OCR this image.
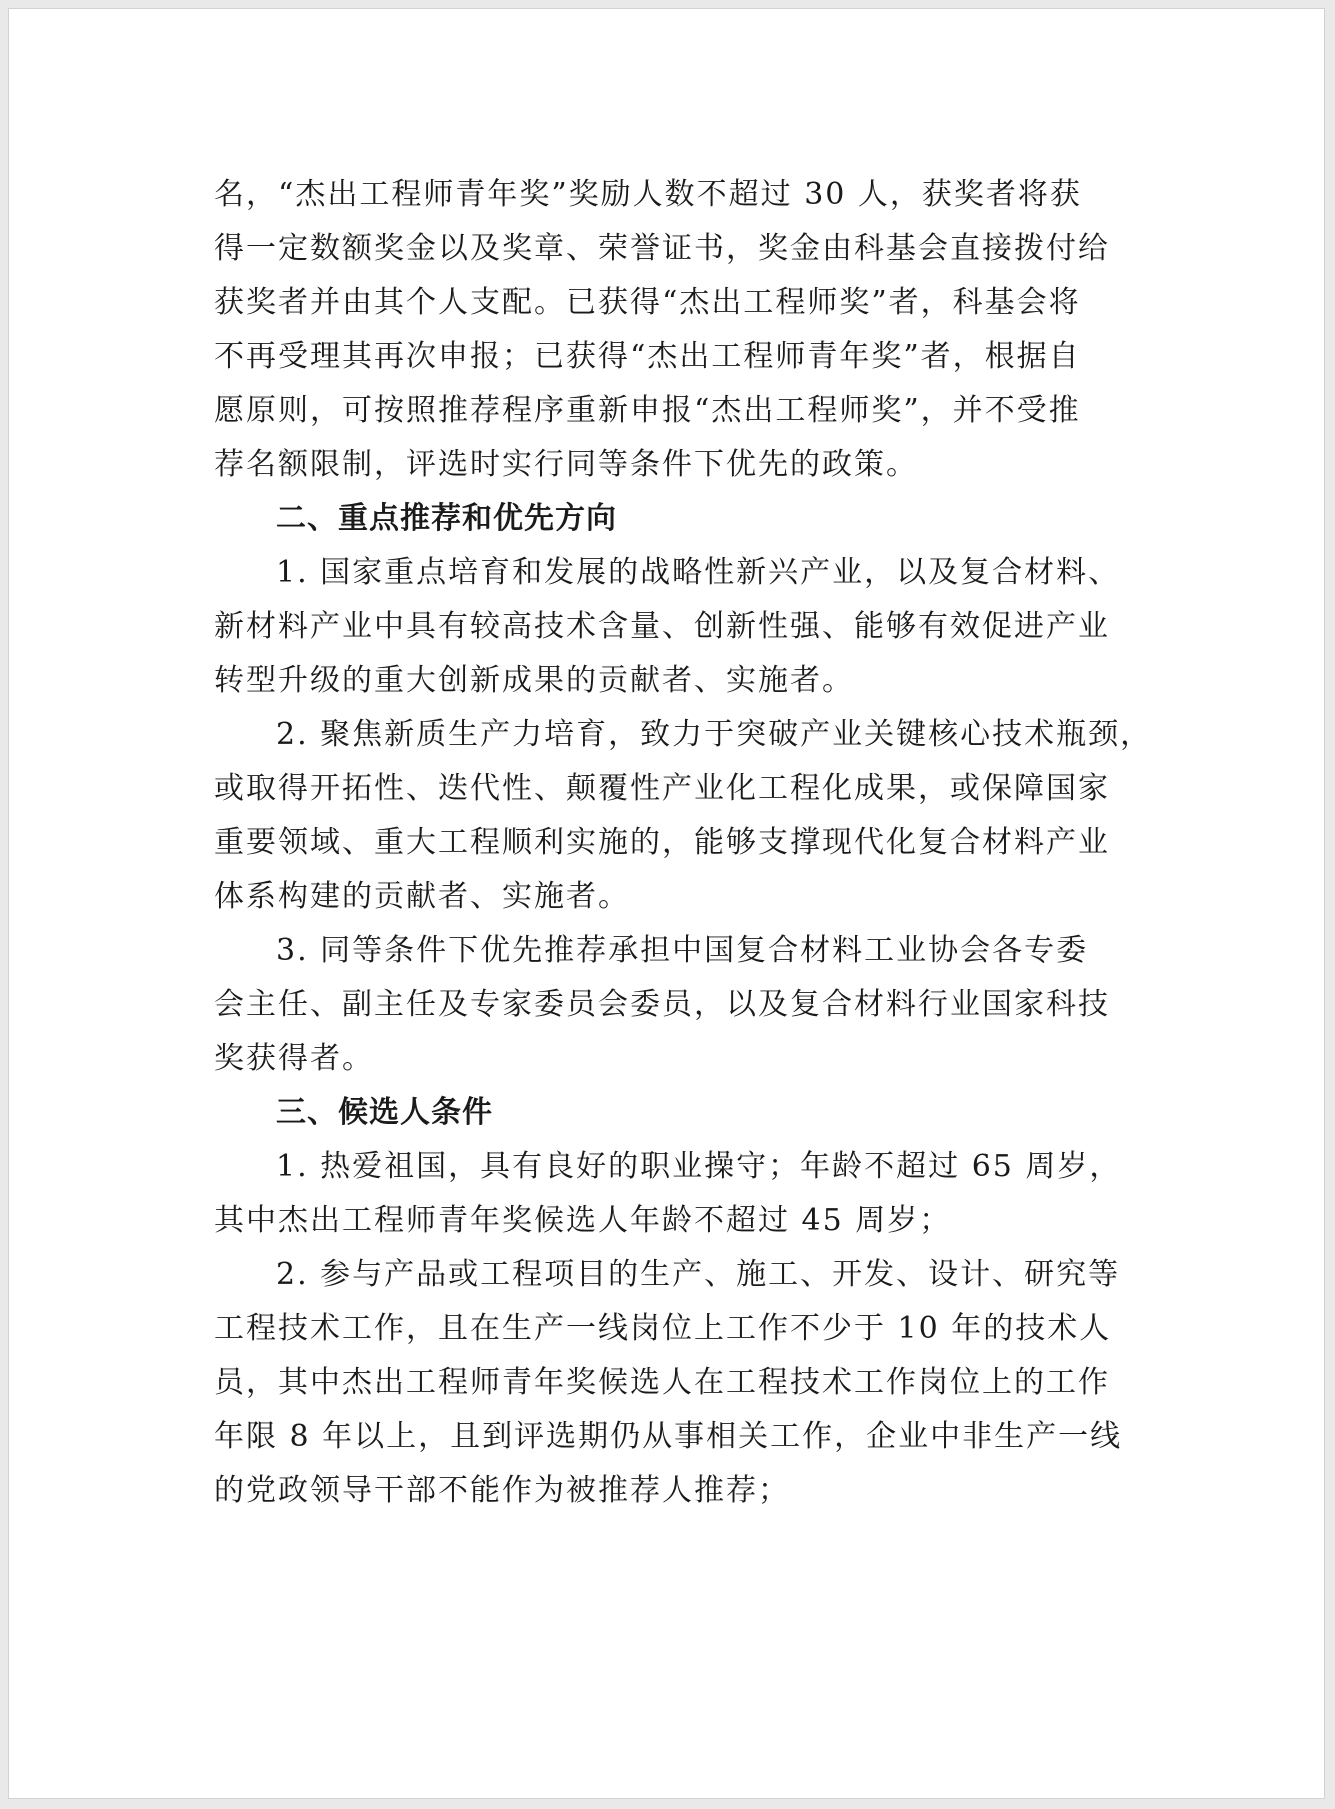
名，“杰出工程师青年奖”奖励人数不超过 30 人，获奖者将获
得一定数额奖金以及奖章、荣誉证书，奖金由科基会直接拨付给
获奖者并由其个人支配。已获得“杰出工程师奖”者，科基会将
不再受理其再次申报；已获得“杰出工程师青年奖”者，根据自
愿原则，可按照推荐程序重新申报“杰出工程师奖”，并不受推
荐名额限制，评选时实行同等条件下优先的政策。
二、重点推荐和优先方向
1. 国家重点培育和发展的战略性新兴产业，以及复合材料、
新材料产业中具有较高技术含量、创新性强、能够有效促进产业
转型升级的重大创新成果的贡献者、实施者。
2. 聚焦新质生产力培育，致力于突破产业关键核心技术瓶颈，
或取得开拓性、迭代性、颠覆性产业化工程化成果，或保障国家
重要领域、重大工程顺利实施的，能够支撑现代化复合材料产业
体系构建的贡献者、实施者。
3. 同等条件下优先推荐承担中国复合材料工业协会各专委
会主任、副主任及专家委员会委员，以及复合材料行业国家科技
奖获得者。
三、候选人条件
1. 热爱祖国，具有良好的职业操守；年龄不超过 65 周岁，
其中杰出工程师青年奖候选人年龄不超过 45 周岁；
2. 参与产品或工程项目的生产、施工、开发、设计、研究等
工程技术工作，且在生产一线岗位上工作不少于 10 年的技术人
员，其中杰出工程师青年奖候选人在工程技术工作岗位上的工作
年限 8 年以上，且到评选期仍从事相关工作，企业中非生产一线
的党政领导干部不能作为被推荐人推荐；
